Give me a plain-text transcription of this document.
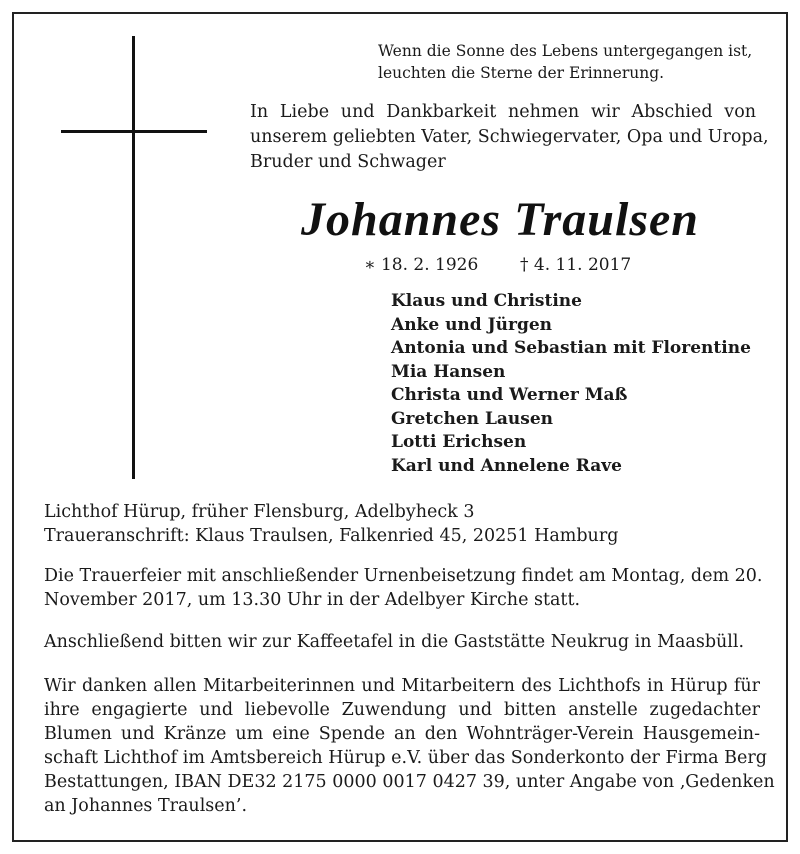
Wenn die Sonne des Lebens untergegangen ist,
leuchten die Sterne der Erinnerung.
In Liebe und Dankbarkeit nehmen wir Abschied von
unserem geliebten Vater, Schwiegervater, Opa und Uropa,
Bruder und Schwager
Johannes Traulsen
∗ 18. 2. 1926 † 4. 11. 2017
Klaus und Christine
Anke und Jürgen
Antonia und Sebastian mit Florentine
Mia Hansen
Christa und Werner Maß
Gretchen Lausen
Lotti Erichsen
Karl und Annelene Rave
Lichthof Hürup, früher Flensburg, Adelbyheck 3
Traueranschrift: Klaus Traulsen, Falkenried 45, 20251 Hamburg
Die Trauerfeier mit anschließender Urnenbeisetzung findet am Montag, dem 20.
November 2017, um 13.30 Uhr in der Adelbyer Kirche statt.
Anschließend bitten wir zur Kaffeetafel in die Gaststätte Neukrug in Maasbüll.
Wir danken allen Mitarbeiterinnen und Mitarbeitern des Lichthofs in Hürup für
ihre engagierte und liebevolle Zuwendung und bitten anstelle zugedachter
Blumen und Kränze um eine Spende an den Wohnträger-Verein Hausgemein-
schaft Lichthof im Amtsbereich Hürup e.V. über das Sonderkonto der Firma Berg
Bestattungen, IBAN DE32 2175 0000 0017 0427 39, unter Angabe von ‚Gedenken
an Johannes Traulsen’.
